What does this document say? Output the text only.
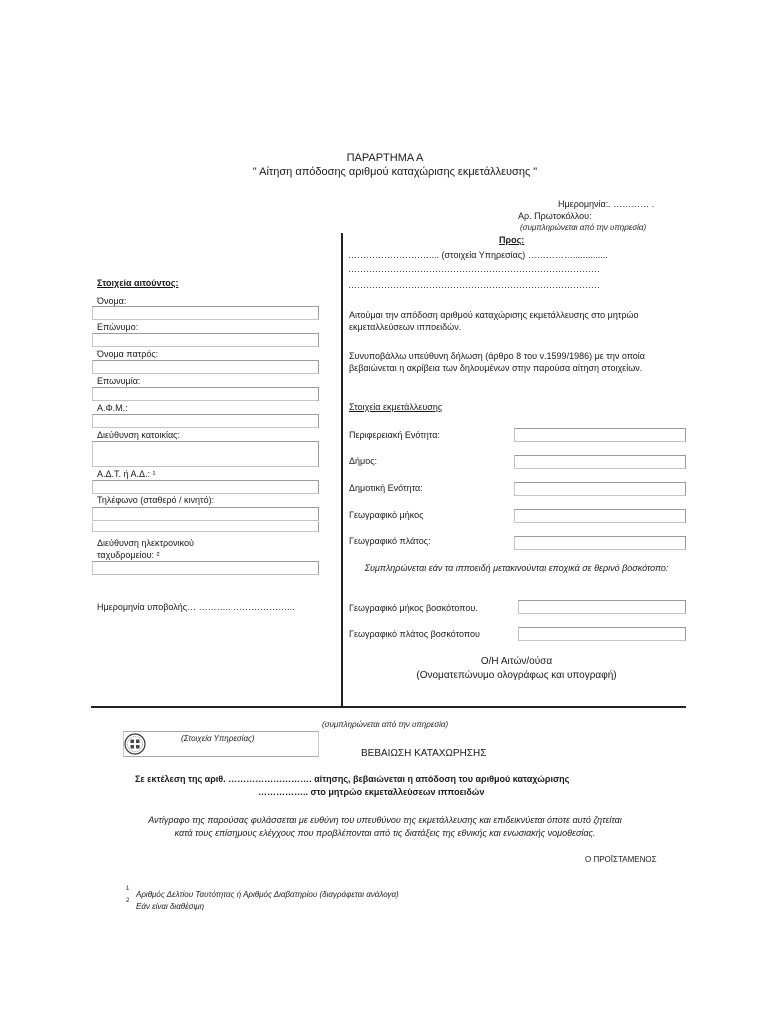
ΠΑΡΑΡΤΗΜΑ Α
" Αίτηση απόδοσης αριθμού καταχώρισης εκμετάλλευσης "
Ημερομηνία:. ………… .
Αρ. Πρωτοκόλλου:
(συμπληρώνεται από την υπηρεσία)
Προς:
……………………….... (στοιχεία Υπηρεσίας) ……………..............
…………………………………………………………………………
…………………………………………………………………………
Στοιχεία αιτούντος:
Όνομα:
Επώνυμο:
Όνομα πατρός:
Επωνυμία:
Α.Φ.Μ.:
Διεύθυνση κατοικίας:
Α.Δ.Τ. ή Α.Δ.: ¹
Τηλέφωνο (σταθερό / κινητό):
Διεύθυνση ηλεκτρονικού
ταχυδρομείου: ²
Ημερομηνία υποβολής… ……….. ………………...
Αιτούμαι την απόδοση αριθμού καταχώρισης εκμετάλλευσης στο μητρώο εκμεταλλεύσεων ιπποειδών.
Συνυποβάλλω υπεύθυνη δήλωση (άρθρο 8 του ν.1599/1986) με την οποία βεβαιώνεται η ακρίβεια των δηλουμένων στην παρούσα αίτηση στοιχείων.
Στοιχεία εκμετάλλευσης
Περιφερειακή Ενότητα:
Δήμος:
Δημοτική Ενότητα:
Γεωγραφικό μήκος
Γεωγραφικό πλάτος:
Συμπληρώνεται εάν τα ιπποειδή μετακινούνται εποχικά σε θερινό βοσκότοπο:
Γεωγραφικό μήκος βοσκότοπου.
Γεωγραφικό πλάτος βοσκότοπου
Ο/Η Αιτών/ούσα
(Ονοματεπώνυμο ολογράφως και υπογραφή)
(συμπληρώνεται από την υπηρεσία)
(Στοιχεία Υπηρεσίας)
ΒΕΒΑΙΩΣΗ ΚΑΤΑΧΩΡΗΣΗΣ
Σε εκτέλεση της αριθ. ………………………. αίτησης, βεβαιώνεται η απόδοση του αριθμού καταχώρισης
…………….. στο μητρώο εκμεταλλεύσεων ιπποειδών
Αντίγραφο της παρούσας φυλάσσεται με ευθύνη του υπευθύνου της εκμετάλλευσης και επιδεικνύεται όποτε αυτό ζητείται
κατά τους επίσημους ελέγχους που προβλέπονται από τις διατάξεις της εθνικής και ενωσιακής νομοθεσίας.
Ο ΠΡΟΪΣΤΑΜΕΝΟΣ
1
Αριθμός Δελτίου Ταυτότητας ή Αριθμός Διαβατηρίου (διαγράφεται ανάλογα)
2
Εάν είναι διαθέσιμη
